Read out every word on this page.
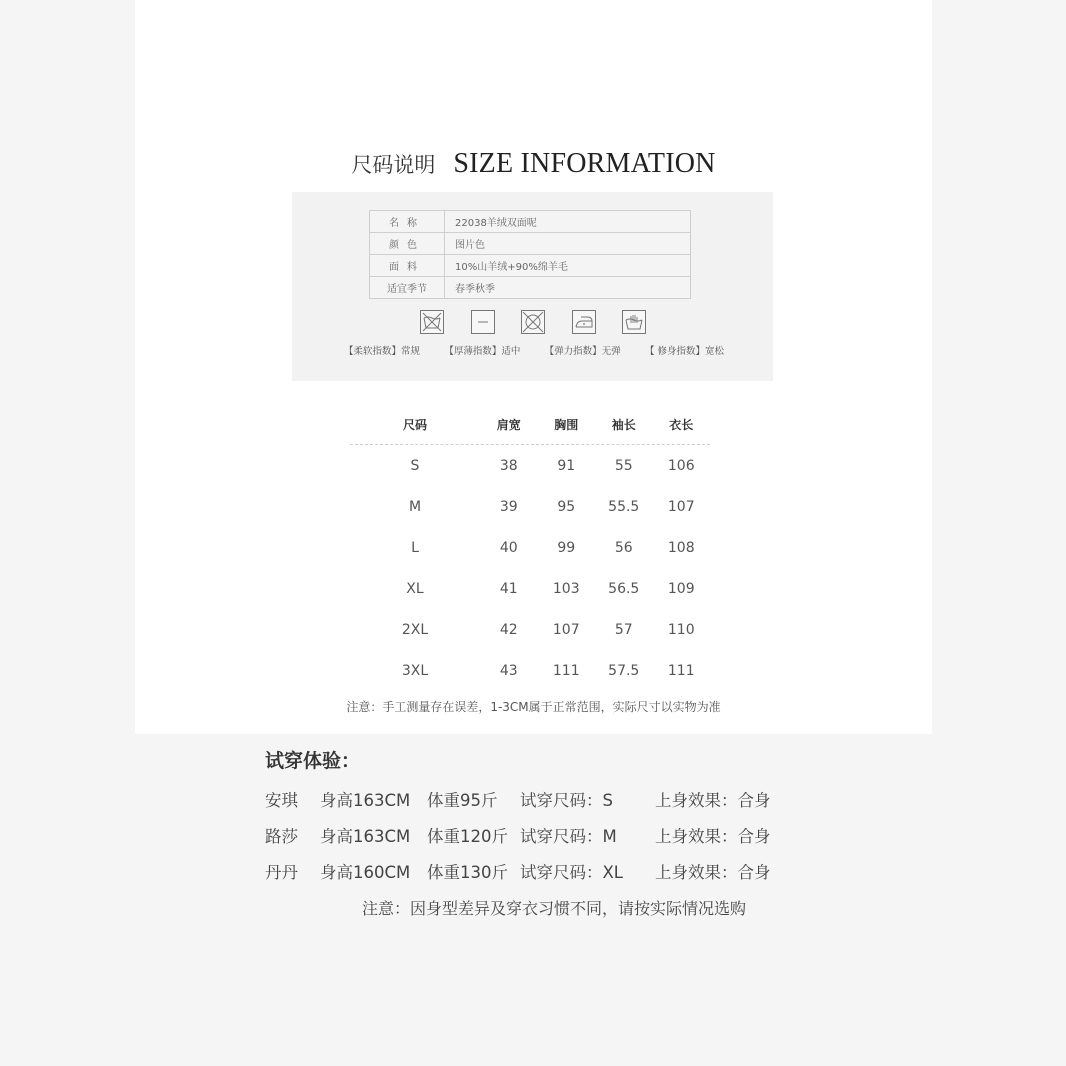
尺码说明 SIZE INFORMATION
名称	22038羊绒双面呢
颜色	图片色
面料	10%山羊绒+90%绵羊毛
适宜季节	春季秋季
【柔软指数】常规	【厚薄指数】适中	【弹力指数】无弹	【 修身指数】宽松
尺码	肩宽	胸围	袖长	衣长
S	38	91	55	106
M	39	95	55.5	107
L	40	99	56	108
XL	41	103	56.5	109
2XL	42	107	57	110
3XL	43	111	57.5	111
注意：手工测量存在误差，1-3CM属于正常范围，实际尺寸以实物为准
试穿体验：
安琪 身高163CM 体重95斤 试穿尺码：S	上身效果：合身
路莎 身高163CM 体重120斤 试穿尺码：M 上身效果：合身
丹丹 身高160CM 体重130斤 试穿尺码：XL 上身效果：合身
注意：因身型差异及穿衣习惯不同，请按实际情况选购
